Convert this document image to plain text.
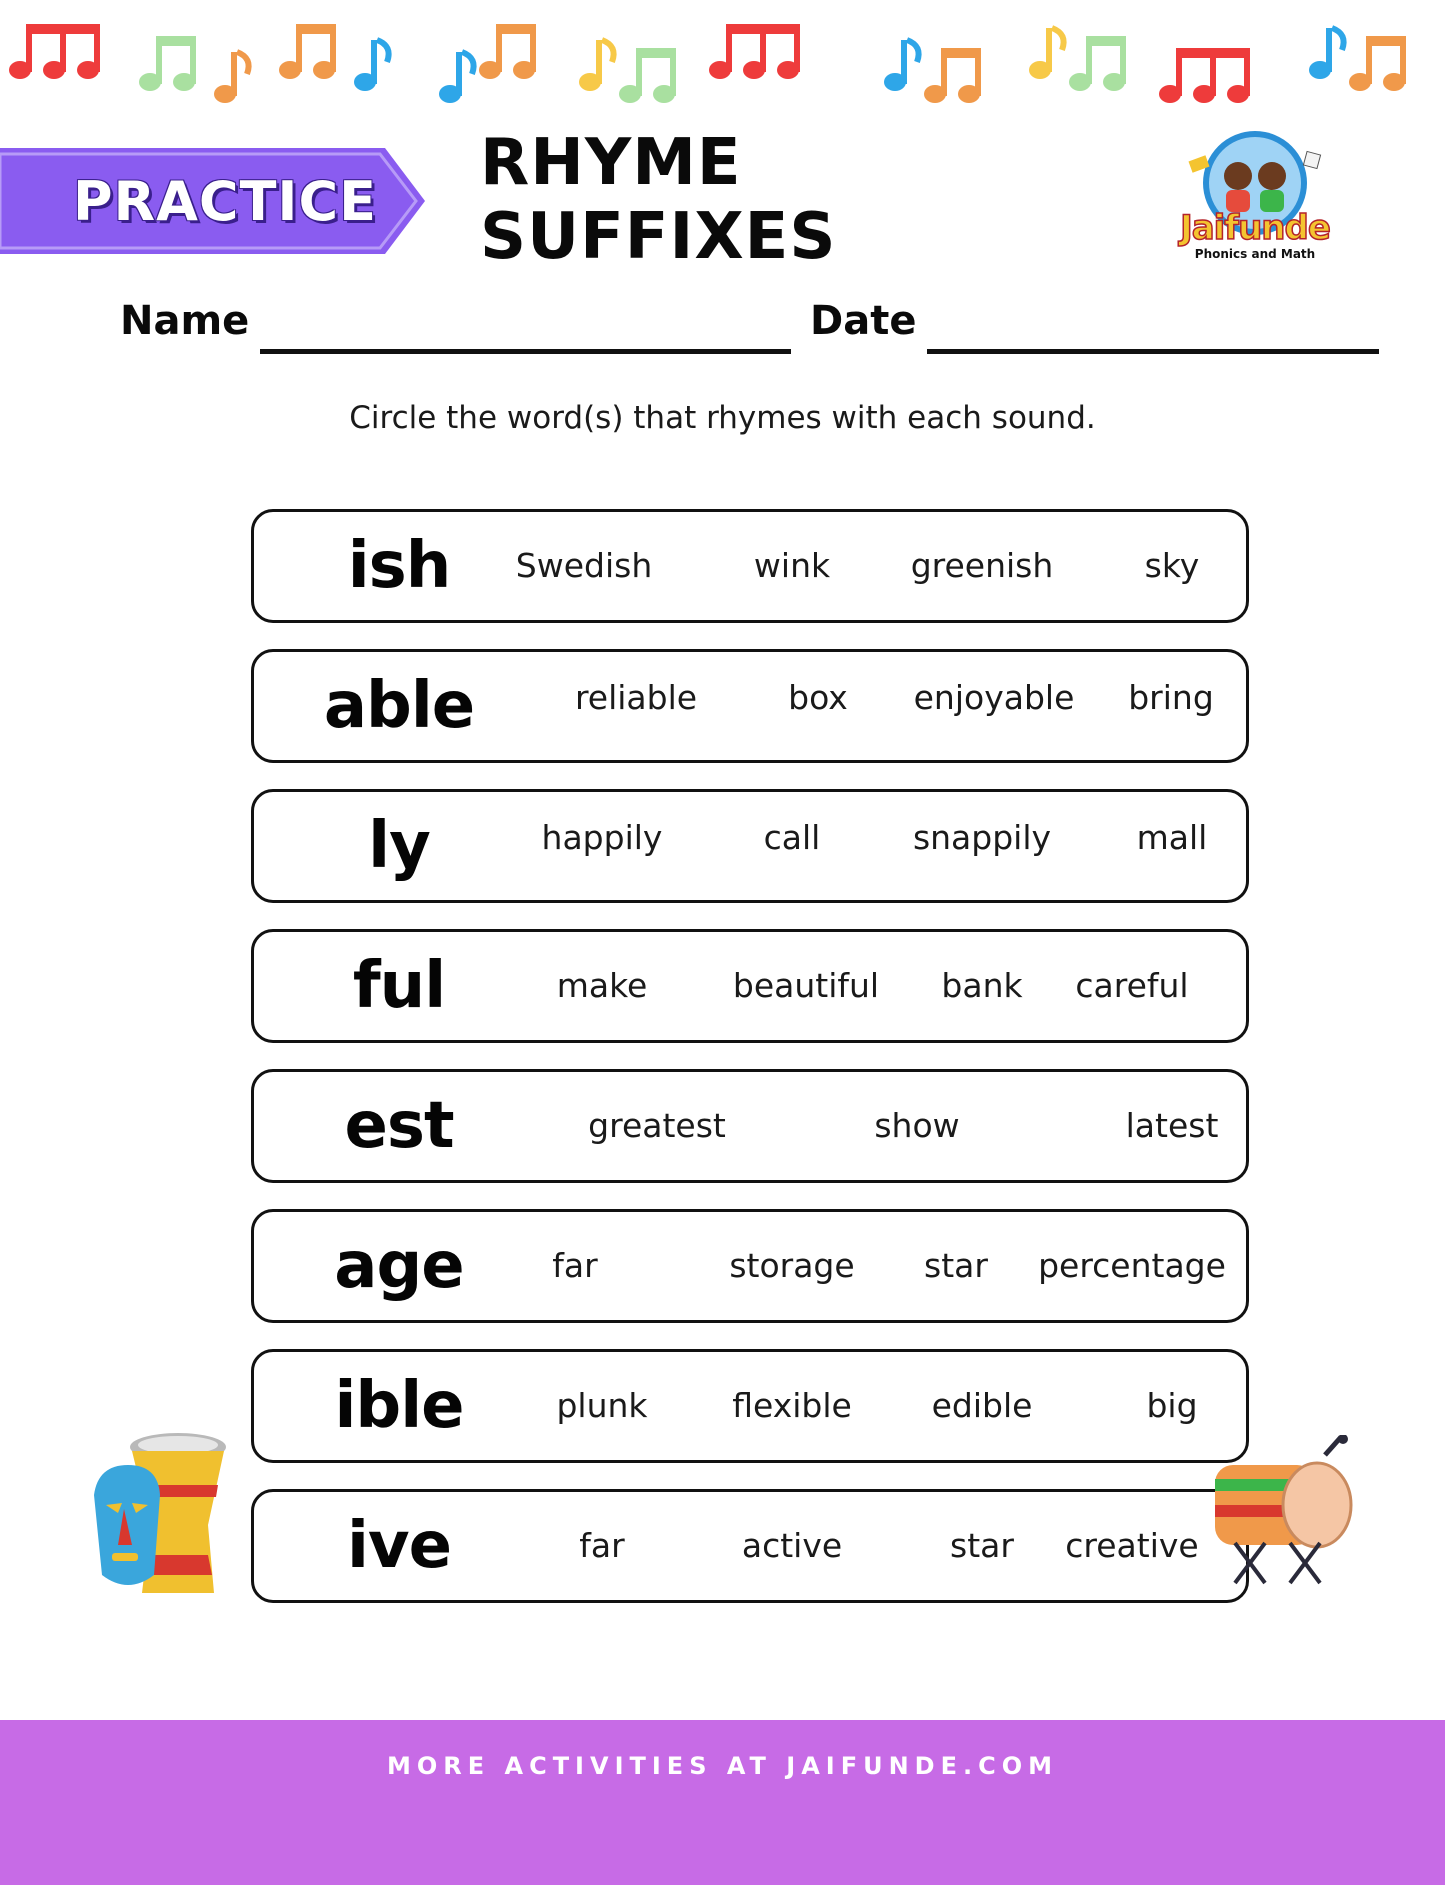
PRACTICE
RHYME SUFFIXES	Jaifunde
Phonics and Math
Name	Date
Circle the word(s) that rhymes with each sound.
ish	Swedish	wink greenish	sky
able	reliable	box enjoyable bring
ly	happily	call	snappily	mall
ful	make	beautiful bank careful
est	greatest	show	latest
age	far	storage star percentage
ible	plunk	flexible edible	big
ive	far	active	star creative
MORE ACTIVITIES AT JAIFUNDE.COM
